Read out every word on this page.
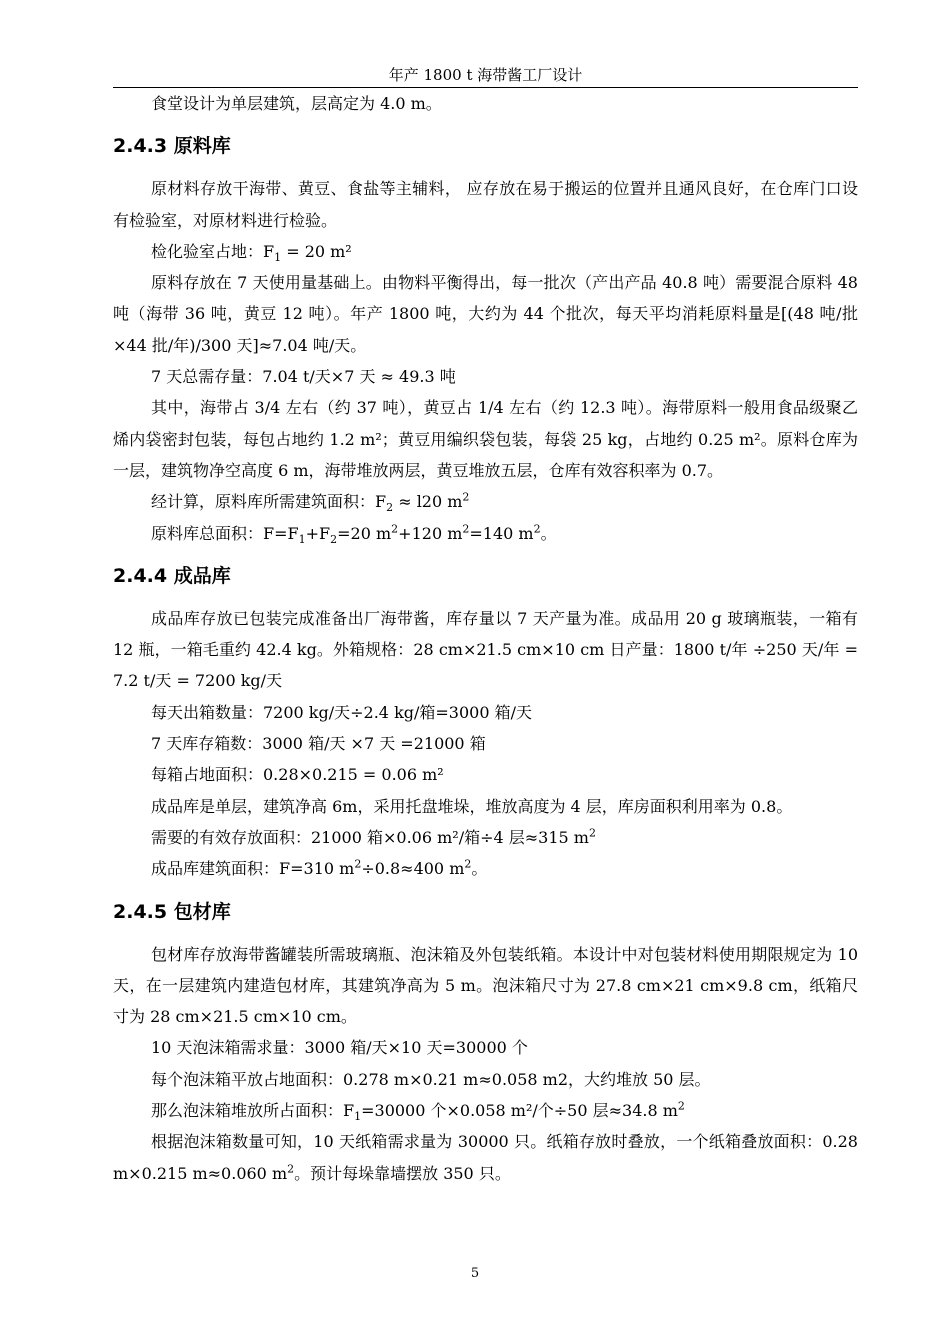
年产 1800 t 海带酱工厂设计

食堂设计为单层建筑，层高定为 4.0 m。

2.4.3 原料库

原材料存放干海带、黄豆、食盐等主辅料， 应存放在易于搬运的位置并且通风良好，在仓库门口设有检验室，对原材料进行检验。

检化验室占地：$F_1 = 20$ m²

原料存放在 7 天使用量基础上。由物料平衡得出，每一批次（产出产品 40.8 吨）需要混合原料 48 吨（海带 36 吨，黄豆 12 吨）。年产 1800 吨，大约为 44 个批次，每天平均消耗原料量是[(48 吨/批×44 批/年)/300 天]≈7.04 吨/天。

7 天总需存量：7.04 t/天×7 天 ≈ 49.3 吨

其中，海带占 3/4 左右（约 37 吨），黄豆占 1/4 左右（约 12.3 吨）。海带原料一般用食品级聚乙烯内袋密封包装，每包占地约 1.2 m²；黄豆用编织袋包装，每袋 25 kg，占地约 0.25 m²。原料仓库为一层，建筑物净空高度 6 m，海带堆放两层，黄豆堆放五层，仓库有效容积率为 0.7。

经计算，原料库所需建筑面积：$F_2 \approx l20$ $m^2$

原料库总面积：$F=F_1+F_2=20$ $m^2+120$ $m^2=140$ $m^2$。

2.4.4 成品库

成品库存放已包装完成准备出厂海带酱，库存量以 7 天产量为准。成品用 20 g 玻璃瓶装，一箱有 12 瓶，一箱毛重约 42.4 kg。外箱规格：28 cm×21.5 cm×10 cm 日产量：1800 t/年 ÷250 天/年 = 7.2 t/天 = 7200 kg/天

每天出箱数量：7200 kg/天÷2.4 kg/箱=3000 箱/天

7 天库存箱数：3000 箱/天 ×7 天 =21000 箱

每箱占地面积：0.28×0.215 = 0.06 m²

成品库是单层，建筑净高 6m，采用托盘堆垛，堆放高度为 4 层，库房面积利用率为 0.8。

需要的有效存放面积：21000 箱×0.06 m²/箱÷4 层≈315 $m^2$

成品库建筑面积：F=310 $m^2\div 0.8\approx 400$ $m^2$。

2.4.5 包材库

包材库存放海带酱罐装所需玻璃瓶、泡沫箱及外包装纸箱。本设计中对包装材料使用期限规定为 10 天，在一层建筑内建造包材库，其建筑净高为 5 m。泡沫箱尺寸为 27.8 cm×21 cm×9.8 cm，纸箱尺寸为 28 cm×21.5 cm×10 cm。

10 天泡沫箱需求量：3000 箱/天×10 天=30000 个

每个泡沫箱平放占地面积：0.278 m×0.21 m≈0.058 m2，大约堆放 50 层。

那么泡沫箱堆放所占面积：$F_1=30000$ 个×0.058 m²/个÷50 层≈34.8 $m^2$

根据泡沫箱数量可知，10 天纸箱需求量为 30000 只。纸箱存放时叠放，一个纸箱叠放面积：0.28 m×0.215 m≈0.060 $m^2$。预计每垛靠墙摆放 350 只。

5
